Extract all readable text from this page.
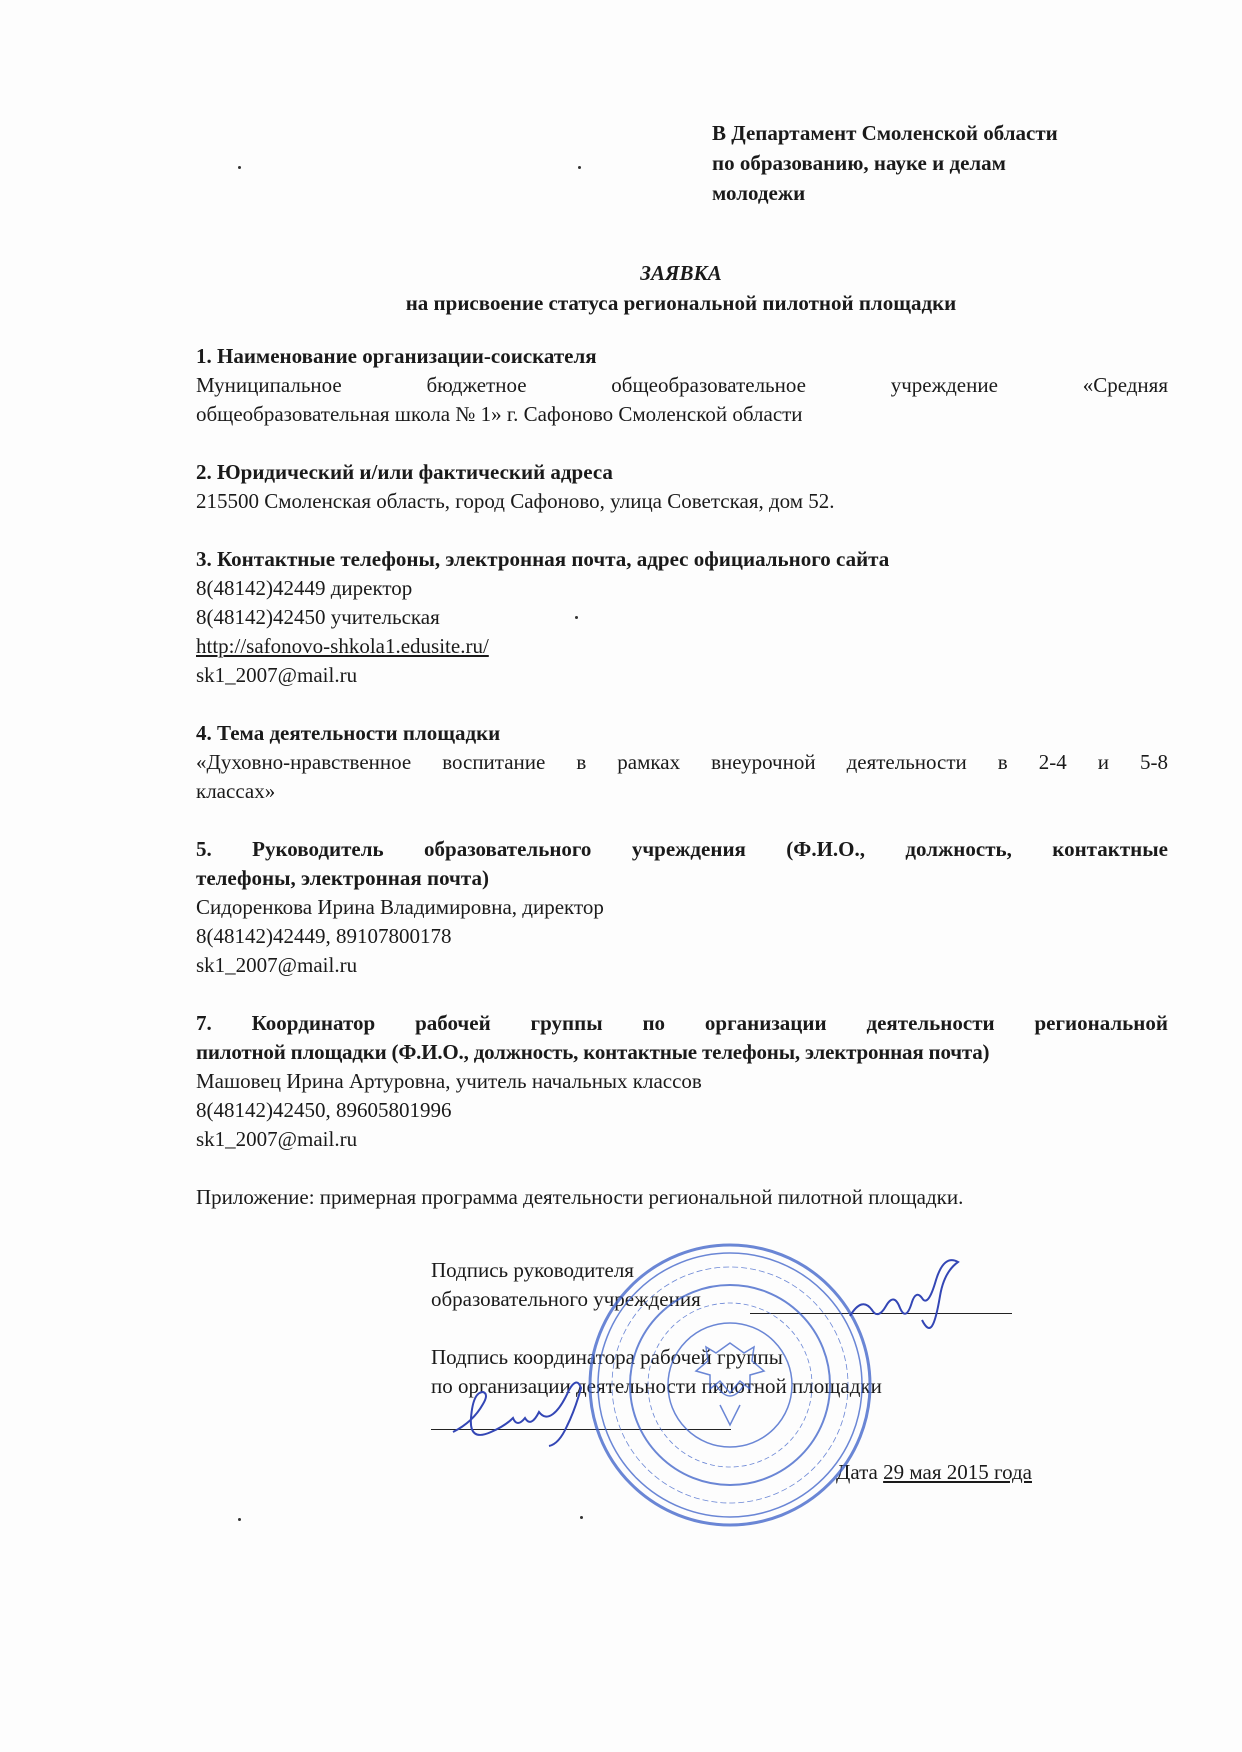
В Департамент Смоленской области
по образованию, науке и делам
молодежи
ЗАЯВКА
на присвоение статуса региональной пилотной площадки
1. Наименование организации-соискателя
Муниципальное бюджетное общеобразовательное учреждение «Средняя
общеобразовательная школа № 1» г. Сафоново Смоленской области
2. Юридический и/или фактический адреса
215500 Смоленская область, город Сафоново, улица Советская, дом 52.
3. Контактные телефоны, электронная почта, адрес официального сайта
8(48142)42449 директор
8(48142)42450 учительская
http://safonovo-shkola1.edusite.ru/
sk1_2007@mail.ru
4. Тема деятельности площадки
«Духовно-нравственное воспитание в рамках внеурочной деятельности в 2-4 и 5-8
классах»
5. Руководитель образовательного учреждения (Ф.И.О., должность, контактные
телефоны, электронная почта)
Сидоренкова Ирина Владимировна, директор
8(48142)42449, 89107800178
sk1_2007@mail.ru
7. Координатор рабочей группы по организации деятельности региональной
пилотной площадки (Ф.И.О., должность, контактные телефоны, электронная почта)
Машовец Ирина Артуровна, учитель начальных классов
8(48142)42450, 89605801996
sk1_2007@mail.ru
Приложение: примерная программа деятельности региональной пилотной площадки.
Подпись руководителя
образовательного учреждения
Подпись координатора рабочей группы
по организации деятельности пилотной площадки
Дата 29 мая 2015 года
